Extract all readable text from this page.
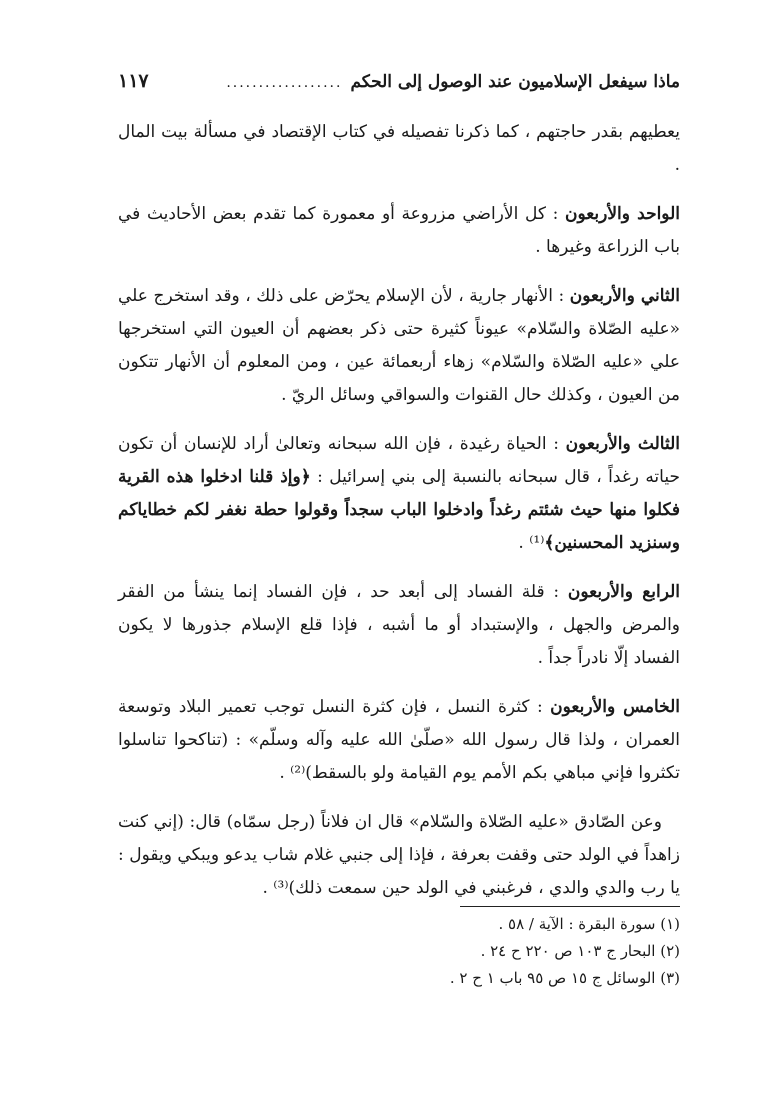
ماذا سيفعل الإسلاميون عند الوصول إلى الحكم
..................
١١٧

يعطيهم بقدر حاجتهم ، كما ذكرنا تفصيله في كتاب الإقتصاد في مسألة بيت المال .

الواحد والأربعون : كل الأراضي مزروعة أو معمورة كما تقدم بعض الأحاديث في باب الزراعة وغيرها .

الثاني والأربعون : الأنهار جارية ، لأن الإسلام يحرّض على ذلك ، وقد استخرج علي «عليه الصّلاة والسّلام» عيوناً كثيرة حتى ذكر بعضهم أن العيون التي استخرجها علي «عليه الصّلاة والسّلام» زهاء أربعمائة عين ، ومن المعلوم أن الأنهار تتكون من العيون ، وكذلك حال القنوات والسواقي وسائل الريّ .

الثالث والأربعون : الحياة رغيدة ، فإن الله سبحانه وتعالىٰ أراد للإنسان أن تكون حياته رغداً ، قال سبحانه بالنسبة إلى بني إسرائيل : ﴿وإذ قلنا ادخلوا هذه القرية فكلوا منها حيث شئتم رغداً وادخلوا الباب سجداً وقولوا حطة نغفر لكم خطاياكم وسنزيد المحسنين﴾⁽¹⁾ .

الرابع والأربعون : قلة الفساد إلى أبعد حد ، فإن الفساد إنما ينشأ من الفقر والمرض والجهل ، والإستبداد أو ما أشبه ، فإذا قلع الإسلام جذورها لا يكون الفساد إلّا نادراً جداً .

الخامس والأربعون : كثرة النسل ، فإن كثرة النسل توجب تعمير البلاد وتوسعة العمران ، ولذا قال رسول الله «صلّىٰ الله عليه وآله وسلّم» : (تناكحوا تناسلوا تكثروا فإني مباهي بكم الأمم يوم القيامة ولو بالسقط)⁽²⁾ .

وعن الصّادق «عليه الصّلاة والسّلام» قال ان فلاناً (رجل سمّاه) قال: (إني كنت زاهداً في الولد حتى وقفت بعرفة ، فإذا إلى جنبي غلام شاب يدعو ويبكي ويقول : يا رب والدي والدي ، فرغبني في الولد حين سمعت ذلك)⁽³⁾ .

(١) سورة البقرة : الآية / ٥٨ .

(٢) البحار ج ١٠٣ ص ٢٢٠ ح ٢٤ .

(٣) الوسائل ج ١٥ ص ٩٥ باب ١ ح ٢ .
